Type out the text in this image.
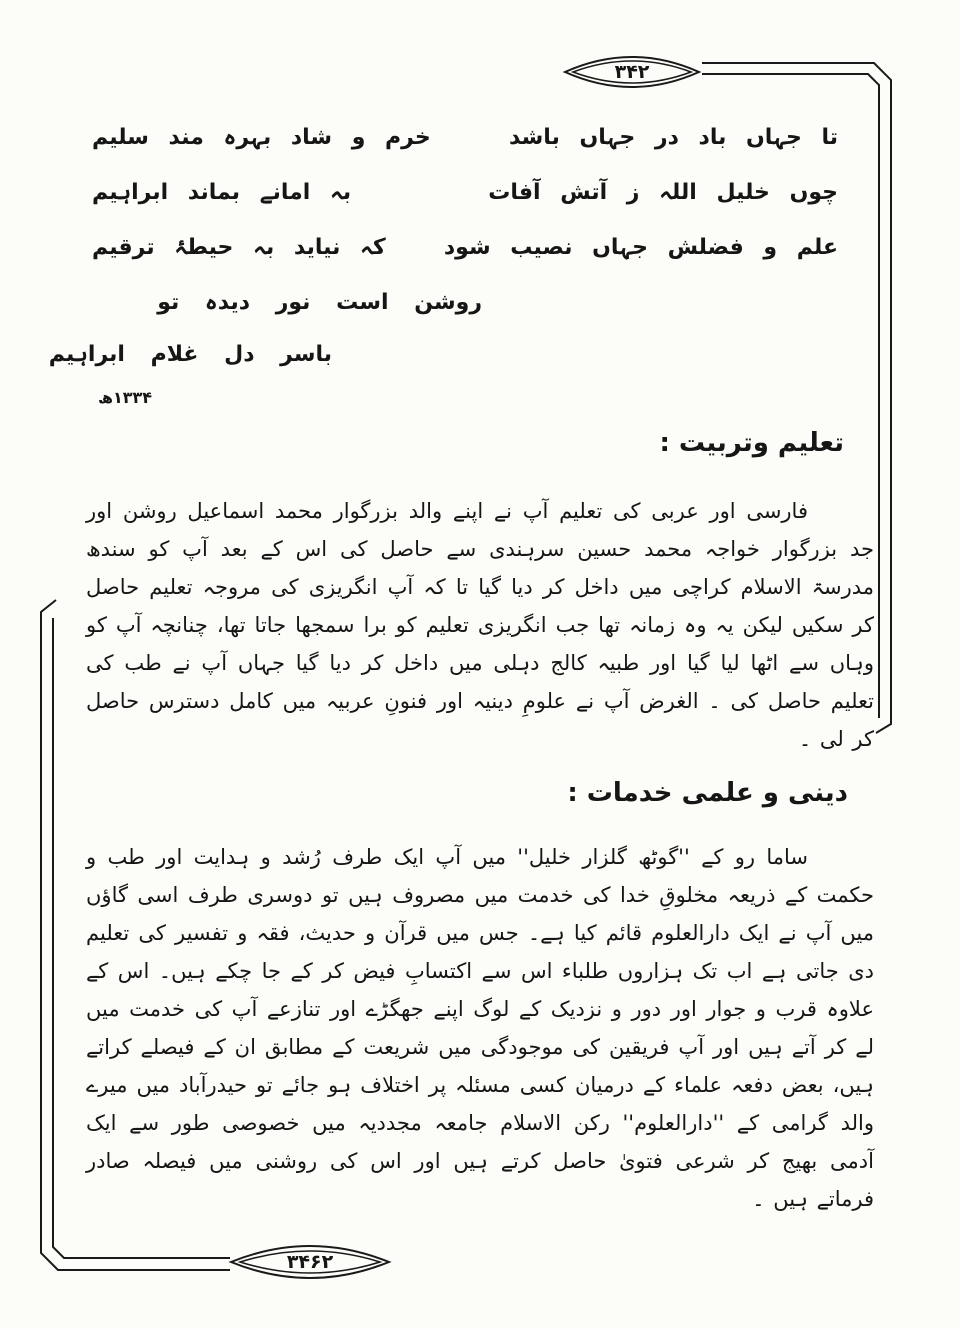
۳۴۲
تا جہاں باد در جہاں باشد
خرم و شاد بہرہ مند سلیم
چوں خلیل اللہ ز آتش آفات
بہ امانے بماند ابراہیم
علم و فضلش جہاں نصیب شود
کہ نیاید بہ حیطۂ ترقیم
روشن است نور دیدہ تو
باسر دل غلام ابراہیم
۱۳۳۴ھ
تعلیم وتربیت :
فارسی اور عربی کی تعلیم آپ نے اپنے والد بزرگوار محمد اسماعیل روشن اور جد بزرگوار خواجہ محمد حسین سرہندی سے حاصل کی اس کے بعد آپ کو سندھ مدرسۃ الاسلام کراچی میں داخل کر دیا گیا تا کہ آپ انگریزی کی مروجہ تعلیم حاصل کر سکیں لیکن یہ وہ زمانہ تھا جب انگریزی تعلیم کو برا سمجھا جاتا تھا، چنانچہ آپ کو وہاں سے اٹھا لیا گیا اور طبیہ کالج دہلی میں داخل کر دیا گیا جہاں آپ نے طب کی تعلیم حاصل کی ۔ الغرض آپ نے علومِ دینیہ اور فنونِ عربیہ میں کامل دسترس حاصل کر لی ۔
دینی و علمی خدمات :
ساما رو کے ''گوٹھ گلزار خلیل'' میں آپ ایک طرف رُشد و ہدایت اور طب و حکمت کے ذریعہ مخلوقِ خدا کی خدمت میں مصروف ہیں تو دوسری طرف اسی گاؤں میں آپ نے ایک دارالعلوم قائم کیا ہے۔ جس میں قرآن و حدیث، فقہ و تفسیر کی تعلیم دی جاتی ہے اب تک ہزاروں طلباء اس سے اکتسابِ فیض کر کے جا چکے ہیں۔ اس کے علاوہ قرب و جوار اور دور و نزدیک کے لوگ اپنے جھگڑے اور تنازعے آپ کی خدمت میں لے کر آتے ہیں اور آپ فریقین کی موجودگی میں شریعت کے مطابق ان کے فیصلے کراتے ہیں، بعض دفعہ علماء کے درمیان کسی مسئلہ پر اختلاف ہو جائے تو حیدرآباد میں میرے والد گرامی کے ''دارالعلوم'' رکن الاسلام جامعہ مجددیہ میں خصوصی طور سے ایک آدمی بھیج کر شرعی فتویٰ حاصل کرتے ہیں اور اس کی روشنی میں فیصلہ صادر فرماتے ہیں ۔
۳۴۶۲
